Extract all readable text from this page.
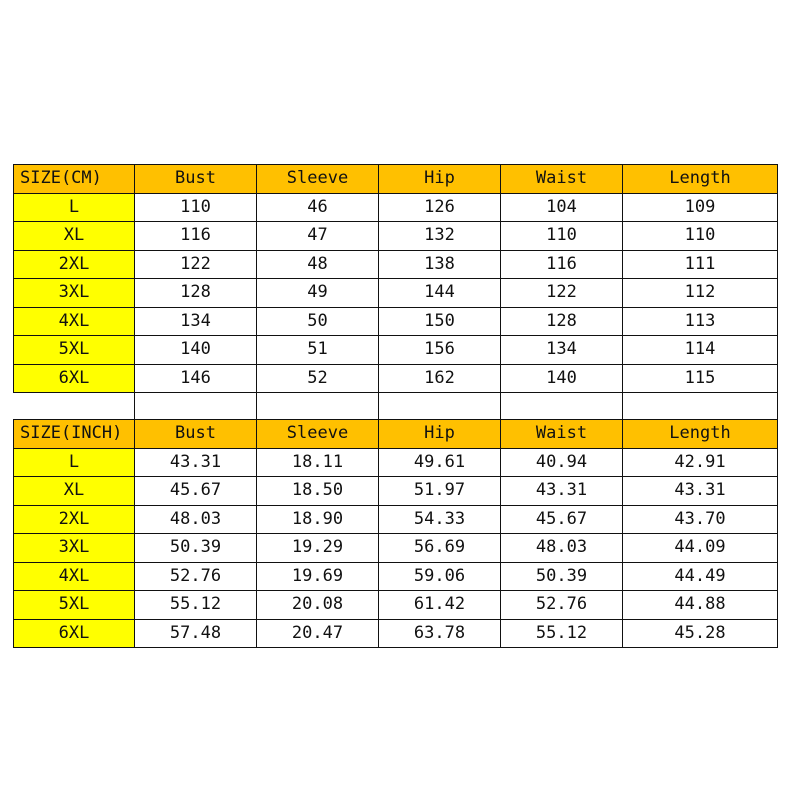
SIZE(CM)	Bust	Sleeve	Hip	Waist	Length
L	110	46	126	104	109
XL	116	47	132	110	110
2XL	122	48	138	116	111
3XL	128	49	144	122	112
4XL	134	50	150	128	113
5XL	140	51	156	134	114
6XL	146	52	162	140	115

SIZE(INCH)	Bust	Sleeve	Hip	Waist	Length
L	43.31	18.11	49.61	40.94	42.91
XL	45.67	18.50	51.97	43.31	43.31
2XL	48.03	18.90	54.33	45.67	43.70
3XL	50.39	19.29	56.69	48.03	44.09
4XL	52.76	19.69	59.06	50.39	44.49
5XL	55.12	20.08	61.42	52.76	44.88
6XL	57.48	20.47	63.78	55.12	45.28
